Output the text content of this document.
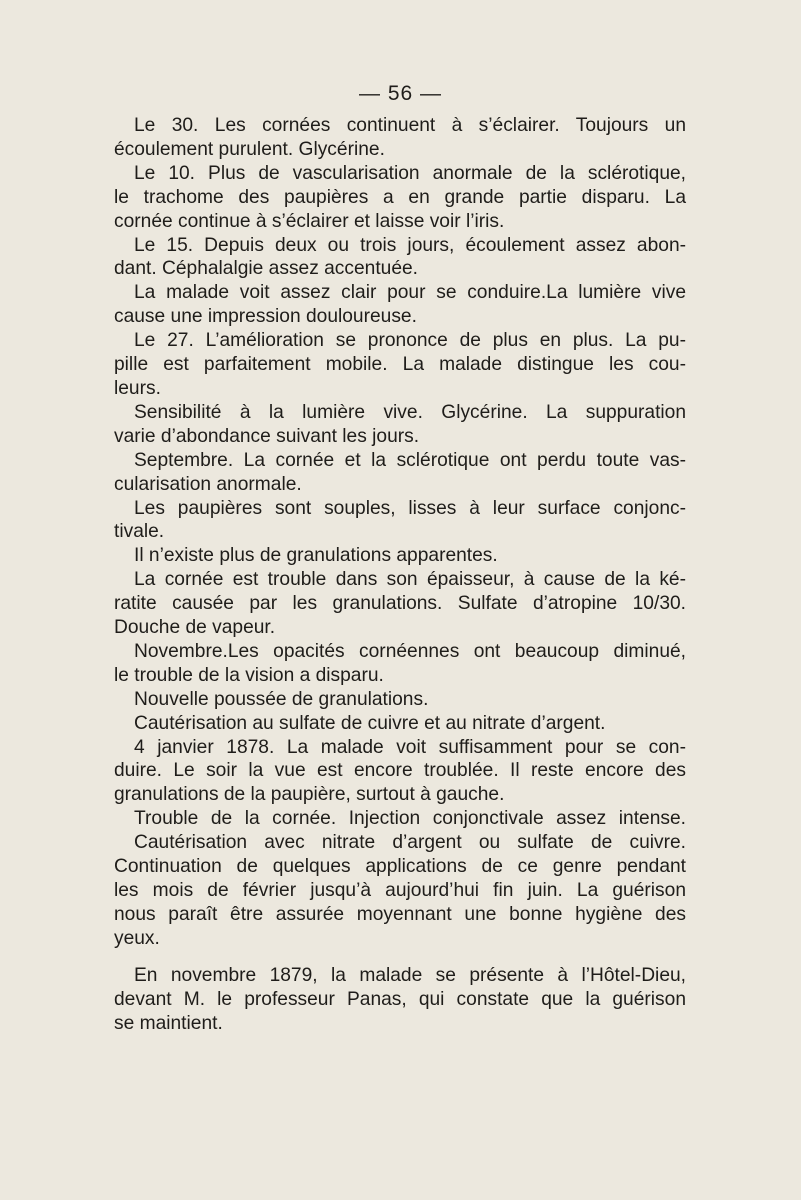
— 56 —
Le 30. Les cornées continuent à s’éclairer. Toujours un
écoulement purulent. Glycérine.
Le 10. Plus de vascularisation anormale de la sclérotique,
le trachome des paupières a en grande partie disparu. La
cornée continue à s’éclairer et laisse voir l’iris.
Le 15. Depuis deux ou trois jours, écoulement assez abon-
dant. Céphalalgie assez accentuée.
La malade voit assez clair pour se conduire.La lumière vive
cause une impression douloureuse.
Le 27. L’amélioration se prononce de plus en plus. La pu-
pille est parfaitement mobile. La malade distingue les cou-
leurs.
Sensibilité à la lumière vive. Glycérine. La suppuration
varie d’abondance suivant les jours.
Septembre. La cornée et la sclérotique ont perdu toute vas-
cularisation anormale.
Les paupières sont souples, lisses à leur surface conjonc-
tivale.
Il n’existe plus de granulations apparentes.
La cornée est trouble dans son épaisseur, à cause de la ké-
ratite causée par les granulations. Sulfate d’atropine 10/30.
Douche de vapeur.
Novembre.Les opacités cornéennes ont beaucoup diminué,
le trouble de la vision a disparu.
Nouvelle poussée de granulations.
Cautérisation au sulfate de cuivre et au nitrate d’argent.
4 janvier 1878. La malade voit suffisamment pour se con-
duire. Le soir la vue est encore troublée. Il reste encore des
granulations de la paupière, surtout à gauche.
Trouble de la cornée. Injection conjonctivale assez intense.
Cautérisation avec nitrate d’argent ou sulfate de cuivre.
Continuation de quelques applications de ce genre pendant
les mois de février jusqu’à aujourd’hui fin juin. La guérison
nous paraît être assurée moyennant une bonne hygiène des
yeux.
En novembre 1879, la malade se présente à l’Hôtel-Dieu,
devant M. le professeur Panas, qui constate que la guérison
se maintient.
